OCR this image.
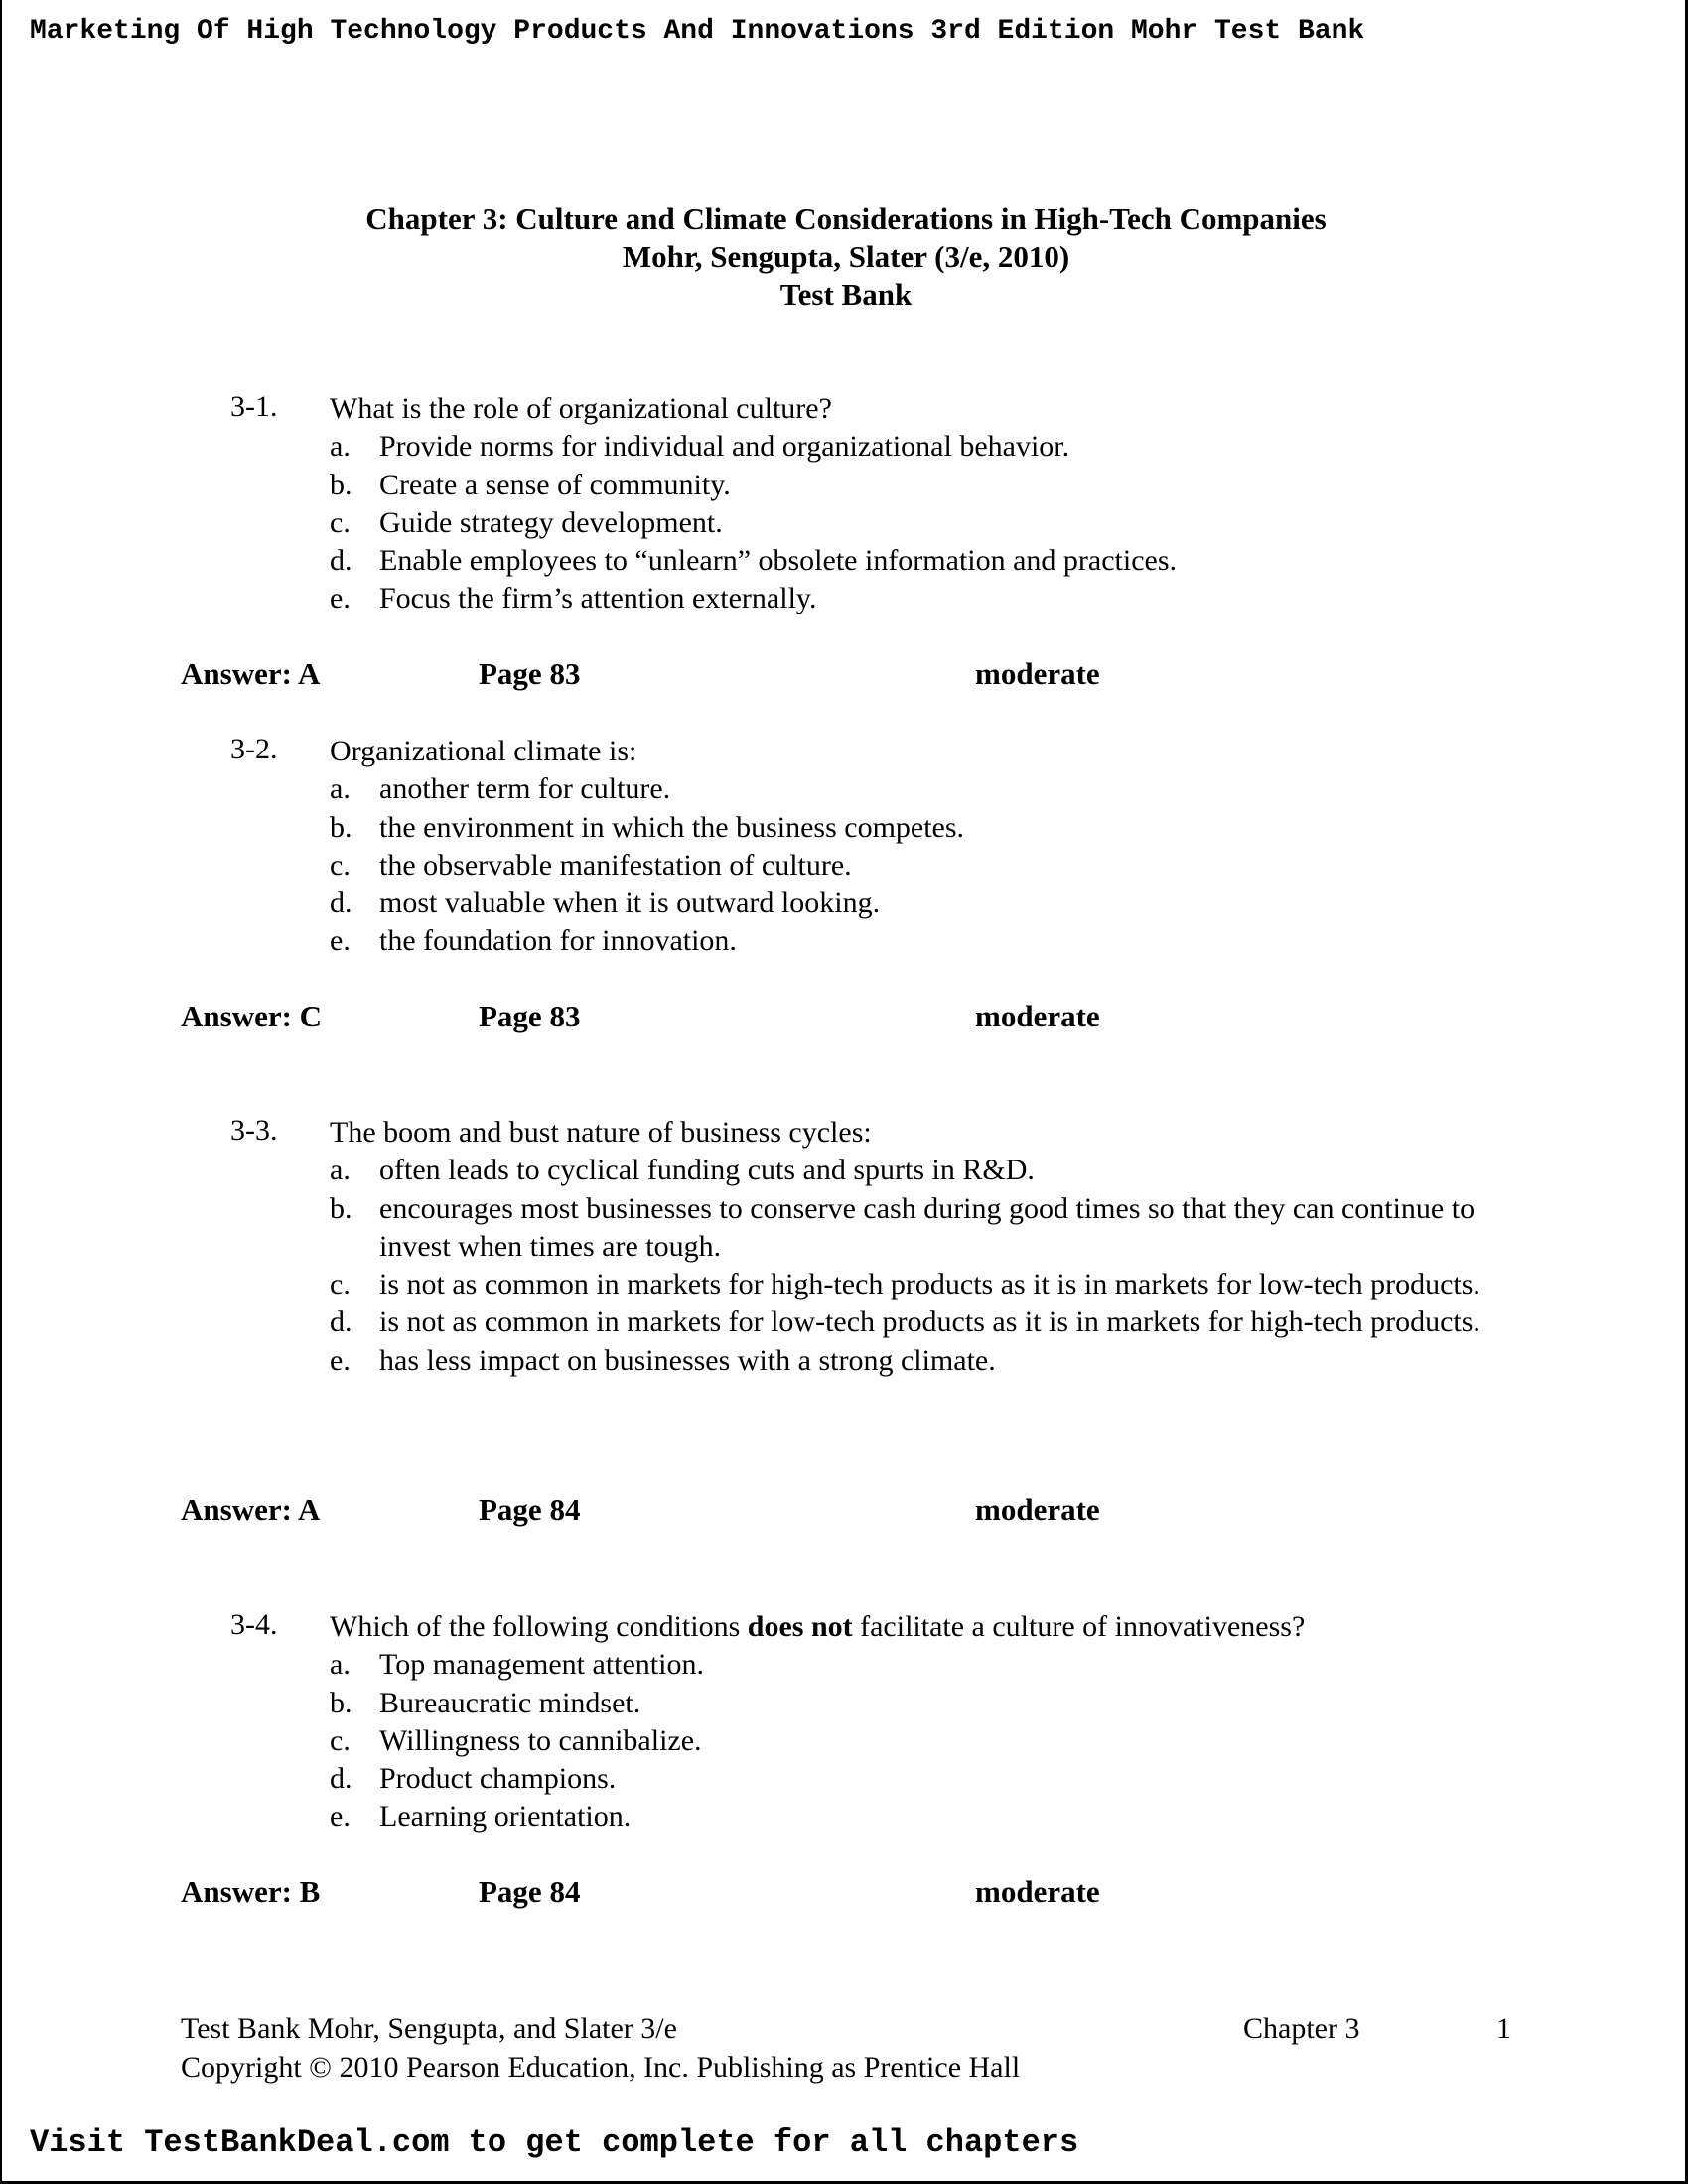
Marketing Of High Technology Products And Innovations 3rd Edition Mohr Test Bank
Chapter 3: Culture and Climate Considerations in High-Tech Companies
Mohr, Sengupta, Slater (3/e, 2010)
Test Bank
3-1. What is the role of organizational culture?
a. Provide norms for individual and organizational behavior.
b. Create a sense of community.
c. Guide strategy development.
d. Enable employees to “unlearn” obsolete information and practices.
e. Focus the firm’s attention externally.
Answer: A	Page 83	moderate
3-2. Organizational climate is:
a. another term for culture.
b. the environment in which the business competes.
c. the observable manifestation of culture.
d. most valuable when it is outward looking.
e. the foundation for innovation.
Answer: C	Page 83	moderate
3-3. The boom and bust nature of business cycles:
a. often leads to cyclical funding cuts and spurts in R&D.
b. encourages most businesses to conserve cash during good times so that they can continue to invest when times are tough.
c. is not as common in markets for high-tech products as it is in markets for low-tech products.
d. is not as common in markets for low-tech products as it is in markets for high-tech products.
e. has less impact on businesses with a strong climate.
Answer: A	Page 84	moderate
3-4. Which of the following conditions does not facilitate a culture of innovativeness?
a. Top management attention.
b. Bureaucratic mindset.
c. Willingness to cannibalize.
d. Product champions.
e. Learning orientation.
Answer: B	Page 84	moderate
Test Bank Mohr, Sengupta, and Slater 3/e	Chapter 3	1
Copyright © 2010 Pearson Education, Inc. Publishing as Prentice Hall
Visit TestBankDeal.com to get complete for all chapters
